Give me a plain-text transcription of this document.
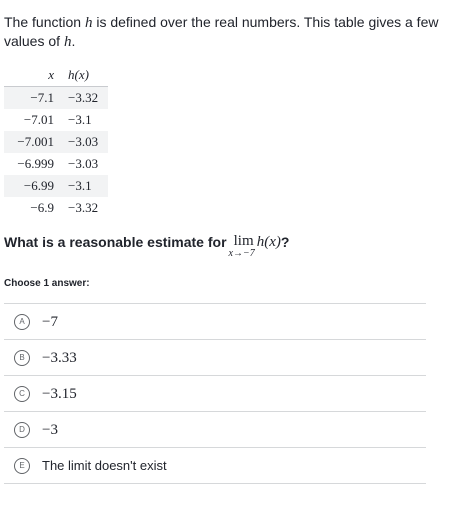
The function h is defined over the real numbers. This table gives a few values of h.
x	h(x)
−7.1	−3.32
−7.01	−3.1
−7.001	−3.03
−6.999	−3.03
−6.99	−3.1
−6.9	−3.32
What is a reasonable estimate for lim
x→−7
h(x)?
Choose 1 answer:
A	−7
B	−3.33
C	−3.15
D	−3
E	The limit doesn't exist
